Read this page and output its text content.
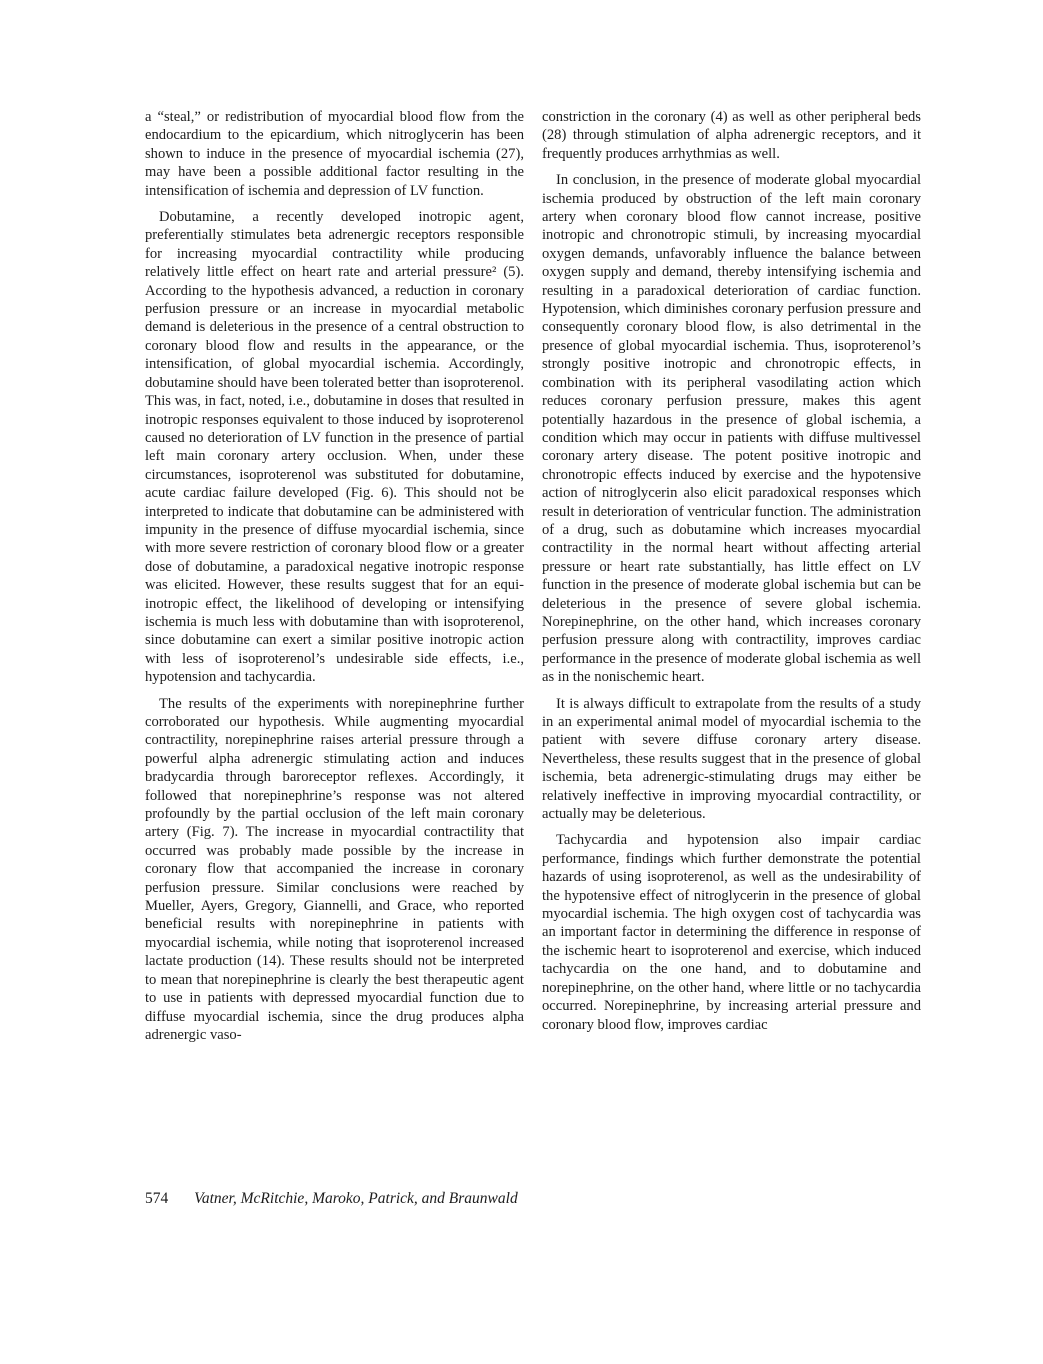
a “steal,” or redistribution of myocardial blood flow from the endocardium to the epicardium, which nitroglycerin has been shown to induce in the presence of myocardial ischemia (27), may have been a possible additional factor resulting in the intensification of ischemia and depression of LV function.

Dobutamine, a recently developed inotropic agent, preferentially stimulates beta adrenergic receptors responsible for increasing myocardial contractility while producing relatively little effect on heart rate and arterial pressure² (5). According to the hypothesis advanced, a reduction in coronary perfusion pressure or an increase in myocardial metabolic demand is deleterious in the presence of a central obstruction to coronary blood flow and results in the appearance, or the intensification, of global myocardial ischemia. Accordingly, dobutamine should have been tolerated better than isoproterenol. This was, in fact, noted, i.e., dobutamine in doses that resulted in inotropic responses equivalent to those induced by isoproterenol caused no deterioration of LV function in the presence of partial left main coronary artery occlusion. When, under these circumstances, isoproterenol was substituted for dobutamine, acute cardiac failure developed (Fig. 6). This should not be interpreted to indicate that dobutamine can be administered with impunity in the presence of diffuse myocardial ischemia, since with more severe restriction of coronary blood flow or a greater dose of dobutamine, a paradoxical negative inotropic response was elicited. However, these results suggest that for an equi-inotropic effect, the likelihood of developing or intensifying ischemia is much less with dobutamine than with isoproterenol, since dobutamine can exert a similar positive inotropic action with less of isoproterenol’s undesirable side effects, i.e., hypotension and tachycardia.

The results of the experiments with norepinephrine further corroborated our hypothesis. While augmenting myocardial contractility, norepinephrine raises arterial pressure through a powerful alpha adrenergic stimulating action and induces bradycardia through baroreceptor reflexes. Accordingly, it followed that norepinephrine’s response was not altered profoundly by the partial occlusion of the left main coronary artery (Fig. 7). The increase in myocardial contractility that occurred was probably made possible by the increase in coronary flow that accompanied the increase in coronary perfusion pressure. Similar conclusions were reached by Mueller, Ayers, Gregory, Giannelli, and Grace, who reported beneficial results with norepinephrine in patients with myocardial ischemia, while noting that isoproterenol increased lactate production (14). These results should not be interpreted to mean that norepinephrine is clearly the best therapeutic agent to use in patients with depressed myocardial function due to diffuse myocardial ischemia, since the drug produces alpha adrenergic vaso-

constriction in the coronary (4) as well as other peripheral beds (28) through stimulation of alpha adrenergic receptors, and it frequently produces arrhythmias as well.

In conclusion, in the presence of moderate global myocardial ischemia produced by obstruction of the left main coronary artery when coronary blood flow cannot increase, positive inotropic and chronotropic stimuli, by increasing myocardial oxygen demands, unfavorably influence the balance between oxygen supply and demand, thereby intensifying ischemia and resulting in a paradoxical deterioration of cardiac function. Hypotension, which diminishes coronary perfusion pressure and consequently coronary blood flow, is also detrimental in the presence of global myocardial ischemia. Thus, isoproterenol’s strongly positive inotropic and chronotropic effects, in combination with its peripheral vasodilating action which reduces coronary perfusion pressure, makes this agent potentially hazardous in the presence of global ischemia, a condition which may occur in patients with diffuse multivessel coronary artery disease. The potent positive inotropic and chronotropic effects induced by exercise and the hypotensive action of nitroglycerin also elicit paradoxical responses which result in deterioration of ventricular function. The administration of a drug, such as dobutamine which increases myocardial contractility in the normal heart without affecting arterial pressure or heart rate substantially, has little effect on LV function in the presence of moderate global ischemia but can be deleterious in the presence of severe global ischemia. Norepinephrine, on the other hand, which increases coronary perfusion pressure along with contractility, improves cardiac performance in the presence of moderate global ischemia as well as in the nonischemic heart.

It is always difficult to extrapolate from the results of a study in an experimental animal model of myocardial ischemia to the patient with severe diffuse coronary artery disease. Nevertheless, these results suggest that in the presence of global ischemia, beta adrenergic-stimulating drugs may either be relatively ineffective in improving myocardial contractility, or actually may be deleterious.

Tachycardia and hypotension also impair cardiac performance, findings which further demonstrate the potential hazards of using isoproterenol, as well as the undesirability of the hypotensive effect of nitroglycerin in the presence of global myocardial ischemia. The high oxygen cost of tachycardia was an important factor in determining the difference in response of the ischemic heart to isoproterenol and exercise, which induced tachycardia on the one hand, and to dobutamine and norepinephrine, on the other hand, where little or no tachycardia occurred. Norepinephrine, by increasing arterial pressure and coronary blood flow, improves cardiac

574 Vatner, McRitchie, Maroko, Patrick, and Braunwald
